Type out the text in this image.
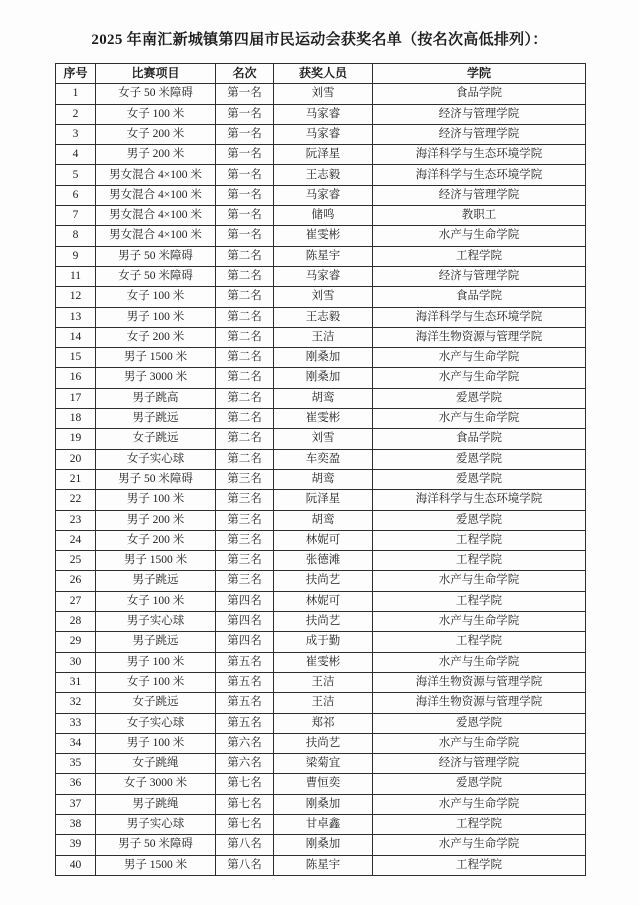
2025 年南汇新城镇第四届市民运动会获奖名单（按名次高低排列）：
序号	比赛项目	名次	获奖人员	学院
1	女子 50 米障碍	第一名	刘雪	食品学院
2	女子 100 米	第一名	马家睿	经济与管理学院
3	女子 200 米	第一名	马家睿	经济与管理学院
4	男子 200 米	第一名	阮泽星	海洋科学与生态环境学院
5	男女混合 4×100 米	第一名	王志毅	海洋科学与生态环境学院
6	男女混合 4×100 米	第一名	马家睿	经济与管理学院
7	男女混合 4×100 米	第一名	储鸣	教职工
8	男女混合 4×100 米	第一名	崔雯彬	水产与生命学院
9	男子 50 米障碍	第二名	陈星宇	工程学院
11	女子 50 米障碍	第二名	马家睿	经济与管理学院
12	女子 100 米	第二名	刘雪	食品学院
13	男子 100 米	第二名	王志毅	海洋科学与生态环境学院
14	女子 200 米	第二名	王洁	海洋生物资源与管理学院
15	男子 1500 米	第二名	刚桑加	水产与生命学院
16	男子 3000 米	第二名	刚桑加	水产与生命学院
17	男子跳高	第二名	胡鸾	爱恩学院
18	男子跳远	第二名	崔雯彬	水产与生命学院
19	女子跳远	第二名	刘雪	食品学院
20	女子实心球	第二名	车奕盈	爱恩学院
21	男子 50 米障碍	第三名	胡鸾	爱恩学院
22	男子 100 米	第三名	阮泽星	海洋科学与生态环境学院
23	男子 200 米	第三名	胡鸾	爱恩学院
24	女子 200 米	第三名	林妮可	工程学院
25	男子 1500 米	第三名	张德滩	工程学院
26	男子跳远	第三名	扶尚艺	水产与生命学院
27	女子 100 米	第四名	林妮可	工程学院
28	男子实心球	第四名	扶尚艺	水产与生命学院
29	男子跳远	第四名	成于勤	工程学院
30	男子 100 米	第五名	崔雯彬	水产与生命学院
31	女子 100 米	第五名	王洁	海洋生物资源与管理学院
32	女子跳远	第五名	王洁	海洋生物资源与管理学院
33	女子实心球	第五名	郑祁	爱恩学院
34	男子 100 米	第六名	扶尚艺	水产与生命学院
35	女子跳绳	第六名	梁菊宜	经济与管理学院
36	女子 3000 米	第七名	曹恒奕	爱恩学院
37	男子跳绳	第七名	刚桑加	水产与生命学院
38	男子实心球	第七名	甘卓鑫	工程学院
39	男子 50 米障碍	第八名	刚桑加	水产与生命学院
40	男子 1500 米	第八名	陈星宇	工程学院
